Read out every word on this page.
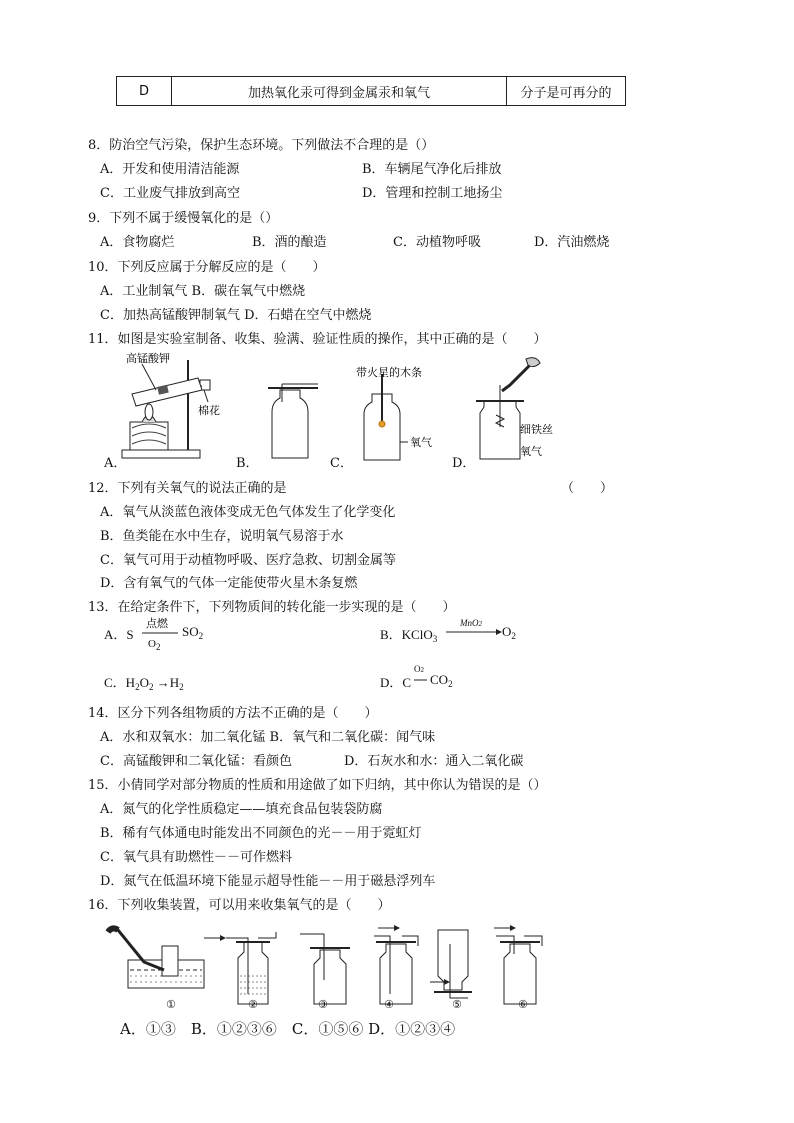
D	加热氧化汞可得到金属汞和氧气	分子是可再分的
8．防治空气污染，保护生态环境。下列做法不合理的是（）
A．开发和使用清洁能源	B．车辆尾气净化后排放
C．工业废气排放到高空	D．管理和控制工地扬尘
9．下列不属于缓慢氧化的是（）
A．食物腐烂	B．酒的酿造	C．动植物呼吸	D．汽油燃烧
10．下列反应属于分解反应的是（　　）
A．工业制氧气 B．碳在氧气中燃烧
C．加热高锰酸钾制氧气 D．石蜡在空气中燃烧
11．如图是实验室制备、收集、验满、验证性质的操作，其中正确的是（　　）
高锰酸钾
棉花
A．	B．
带火星的木条
氧气
C．
细铁丝
氧气
D．
12．下列有关氧气的说法正确的是	（　　）
A．氧气从淡蓝色液体变成无色气体发生了化学变化
B．鱼类能在水中生存，说明氧气易溶于水
C．氧气可用于动植物呼吸、医疗急救、切割金属等
D．含有氧气的气体一定能使带火星木条复燃
13．在给定条件下，下列物质间的转化能一步实现的是（　　）
A．S
点燃
$O_2$
$SO_2$	B．KClO$_3$
MnO2 $O_2$
C．$H_2O_2 \to H_2$	D．C
O2
$CO_2$
14．区分下列各组物质的方法不正确的是（　　）
A．水和双氧水：加二氧化锰 B．氧气和二氧化碳：闻气味
C．高锰酸钾和二氧化锰：看颜色	D．石灰水和水：通入二氧化碳
15．小倩同学对部分物质的性质和用途做了如下归纳，其中你认为错误的是（）
A．氮气的化学性质稳定——填充食品包装袋防腐
B．稀有气体通电时能发出不同颜色的光－－用于霓虹灯
C．氧气具有助燃性－－可作燃料
D．氮气在低温环境下能显示超导性能－－用于磁悬浮列车
16．下列收集装置，可以用来收集氧气的是（　　）
①	②	③	④	⑤	⑥
A．①③　B．①②③⑥　C．①⑤⑥ D．①②③④
